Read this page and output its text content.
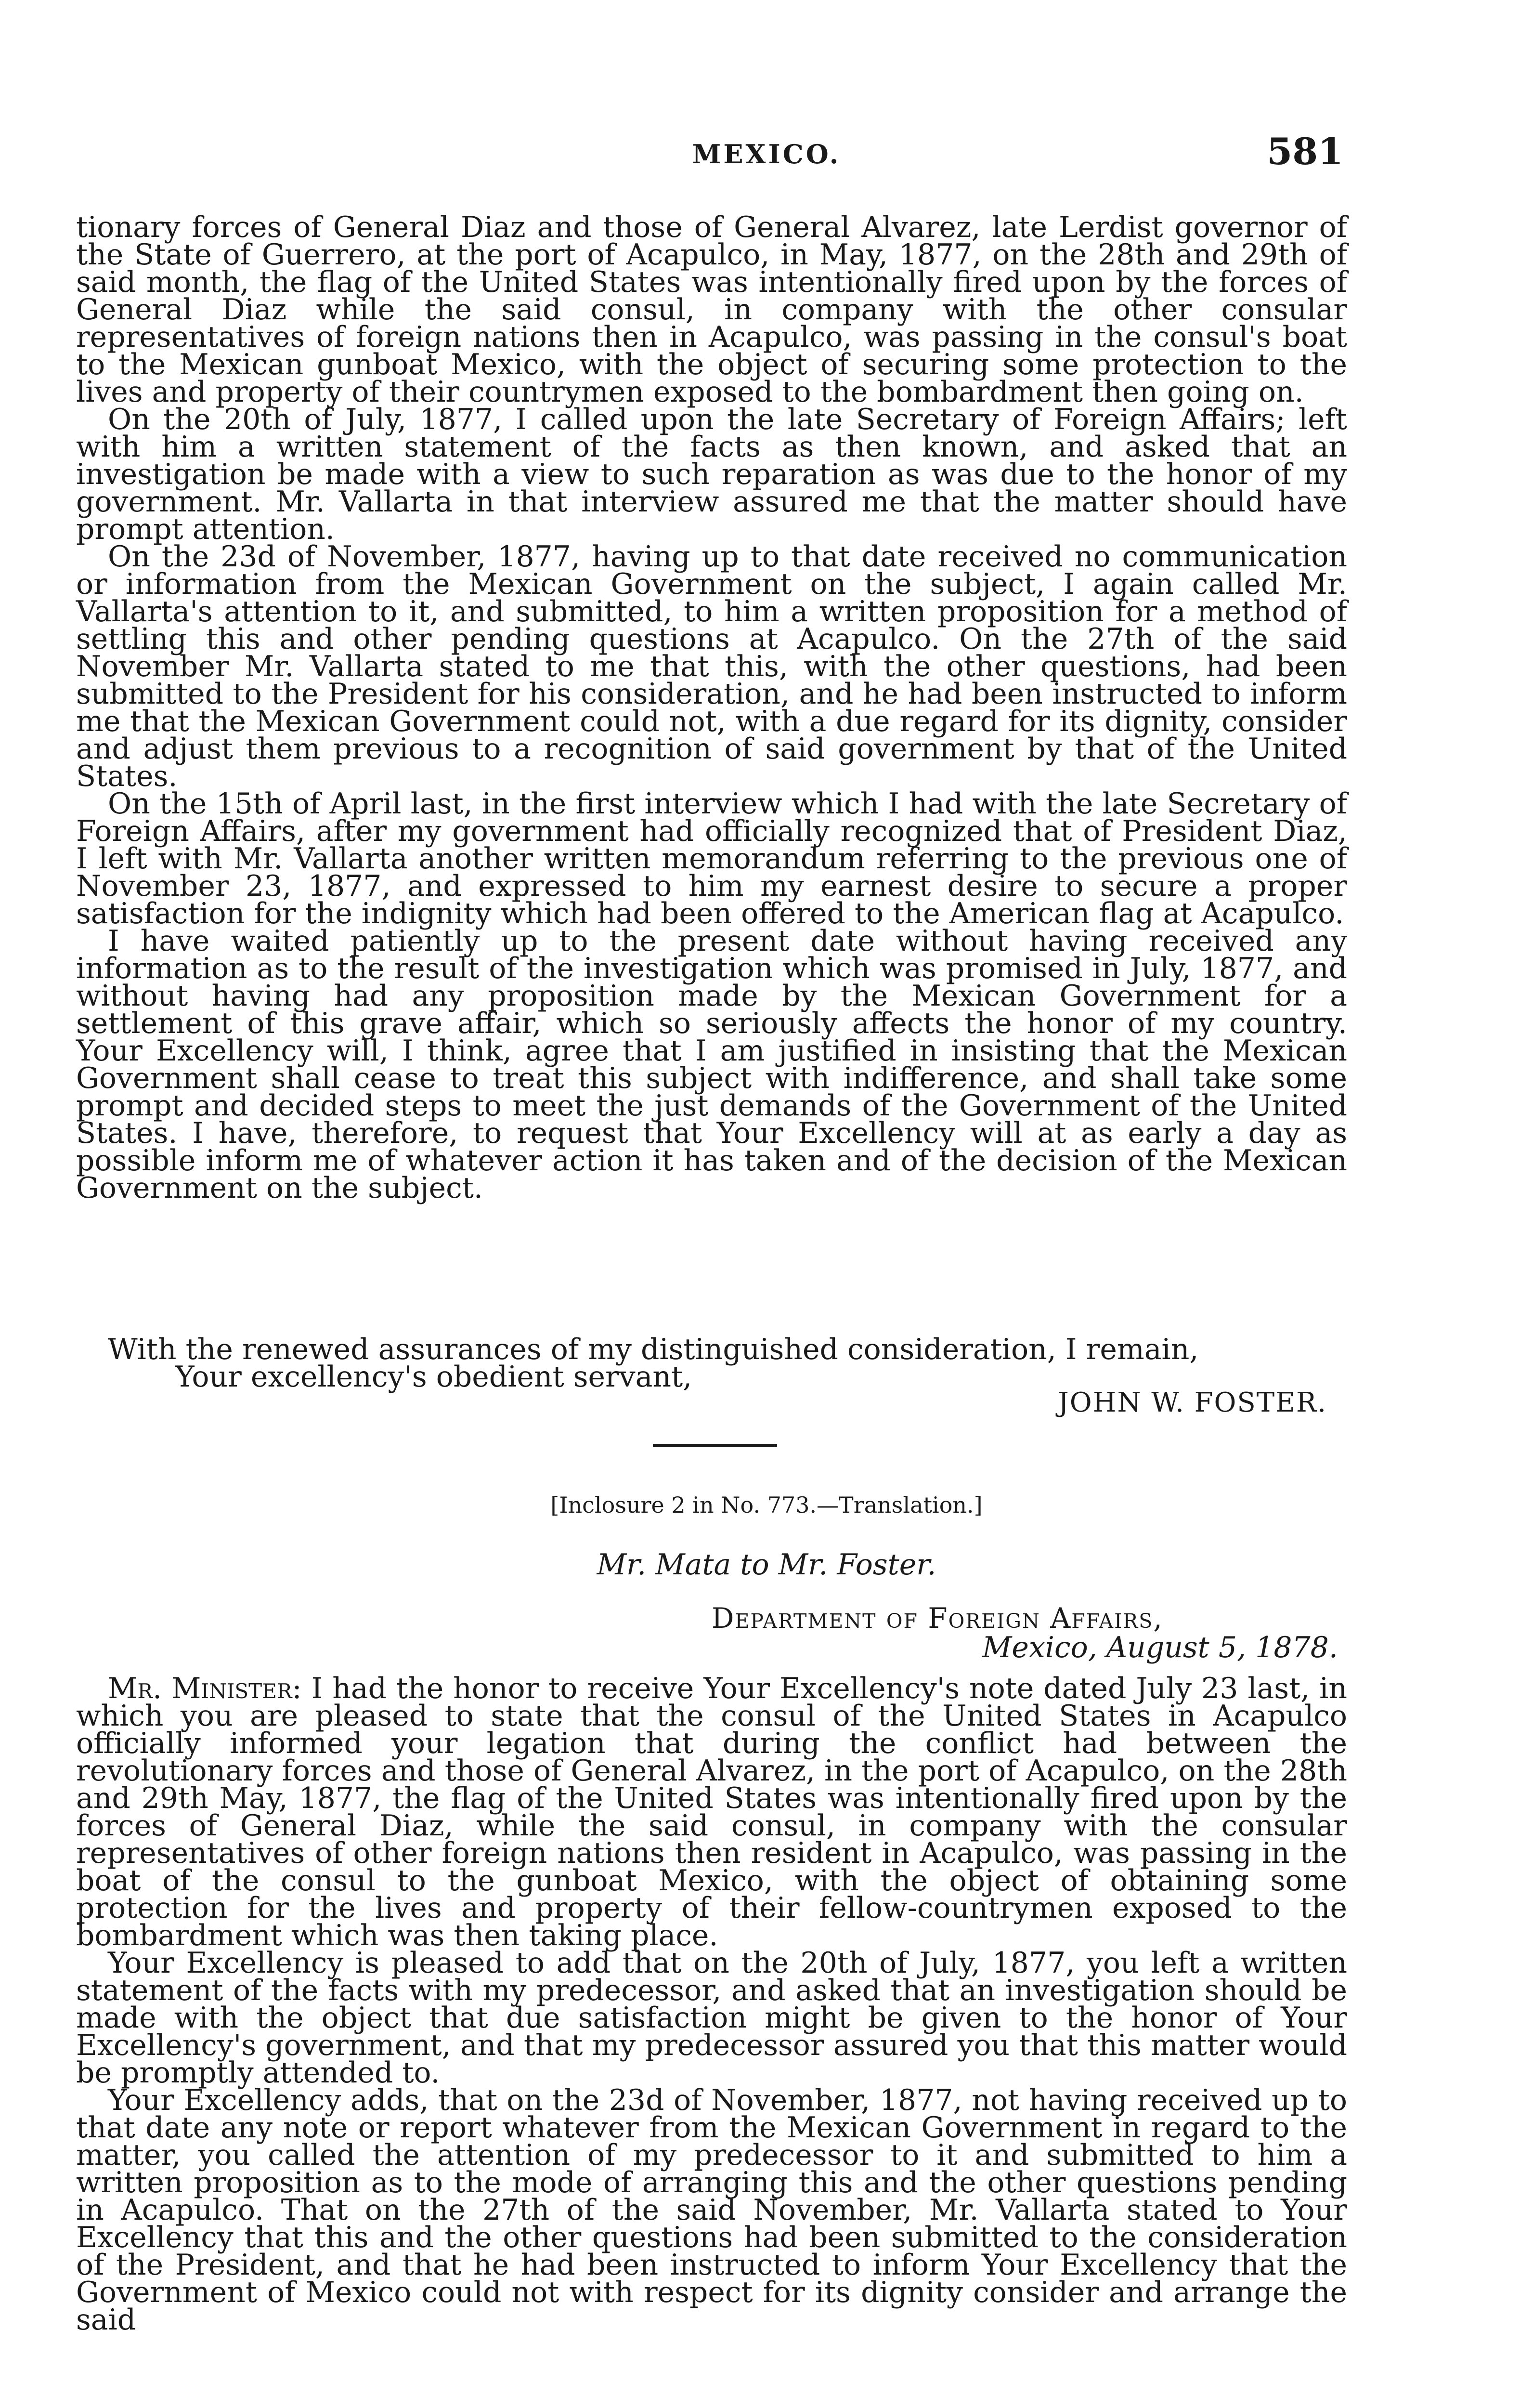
MEXICO.	581

tionary forces of General Diaz and those of General Alvarez, late Lerdist governor of the State of Guerrero, at the port of Acapulco, in May, 1877, on the 28th and 29th of said month, the flag of the United States was intentionally fired upon by the forces of General Diaz while the said consul, in company with the other consular representatives of foreign nations then in Acapulco, was passing in the consul's boat to the Mexican gunboat Mexico, with the object of securing some protection to the lives and property of their countrymen exposed to the bombardment then going on.

On the 20th of July, 1877, I called upon the late Secretary of Foreign Affairs; left with him a written statement of the facts as then known, and asked that an investigation be made with a view to such reparation as was due to the honor of my government. Mr. Vallarta in that interview assured me that the matter should have prompt attention.

On the 23d of November, 1877, having up to that date received no communication or information from the Mexican Government on the subject, I again called Mr. Vallarta's attention to it, and submitted, to him a written proposition for a method of settling this and other pending questions at Acapulco. On the 27th of the said November Mr. Vallarta stated to me that this, with the other questions, had been submitted to the President for his consideration, and he had been instructed to inform me that the Mexican Government could not, with a due regard for its dignity, consider and adjust them previous to a recognition of said government by that of the United States.

On the 15th of April last, in the first interview which I had with the late Secretary of Foreign Affairs, after my government had officially recognized that of President Diaz, I left with Mr. Vallarta another written memorandum referring to the previous one of November 23, 1877, and expressed to him my earnest desire to secure a proper satisfaction for the indignity which had been offered to the American flag at Acapulco.

I have waited patiently up to the present date without having received any information as to the result of the investigation which was promised in July, 1877, and without having had any proposition made by the Mexican Government for a settlement of this grave affair, which so seriously affects the honor of my country. Your Excellency will, I think, agree that I am justified in insisting that the Mexican Government shall cease to treat this subject with indifference, and shall take some prompt and decided steps to meet the just demands of the Government of the United States. I have, therefore, to request that Your Excellency will at as early a day as possible inform me of whatever action it has taken and of the decision of the Mexican Government on the subject.

With the renewed assurances of my distinguished consideration, I remain,
Your excellency's obedient servant,
JOHN W. FOSTER.
[Inclosure 2 in No. 773.—Translation.]
Mr. Mata to Mr. Foster.
Department of Foreign Affairs,
Mexico, August 5, 1878.

Mr. Minister: I had the honor to receive Your Excellency's note dated July 23 last, in which you are pleased to state that the consul of the United States in Acapulco officially informed your legation that during the conflict had between the revolutionary forces and those of General Alvarez, in the port of Acapulco, on the 28th and 29th May, 1877, the flag of the United States was intentionally fired upon by the forces of General Diaz, while the said consul, in company with the consular representatives of other foreign nations then resident in Acapulco, was passing in the boat of the consul to the gunboat Mexico, with the object of obtaining some protection for the lives and property of their fellow-countrymen exposed to the bombardment which was then taking place.

Your Excellency is pleased to add that on the 20th of July, 1877, you left a written statement of the facts with my predecessor, and asked that an investigation should be made with the object that due satisfaction might be given to the honor of Your Excellency's government, and that my predecessor assured you that this matter would be promptly attended to.

Your Excellency adds, that on the 23d of November, 1877, not having received up to that date any note or report whatever from the Mexican Government in regard to the matter, you called the attention of my predecessor to it and submitted to him a written proposition as to the mode of arranging this and the other questions pending in Acapulco. That on the 27th of the said November, Mr. Vallarta stated to Your Excellency that this and the other questions had been submitted to the consideration of the President, and that he had been instructed to inform Your Excellency that the Government of Mexico could not with respect for its dignity consider and arrange the said
